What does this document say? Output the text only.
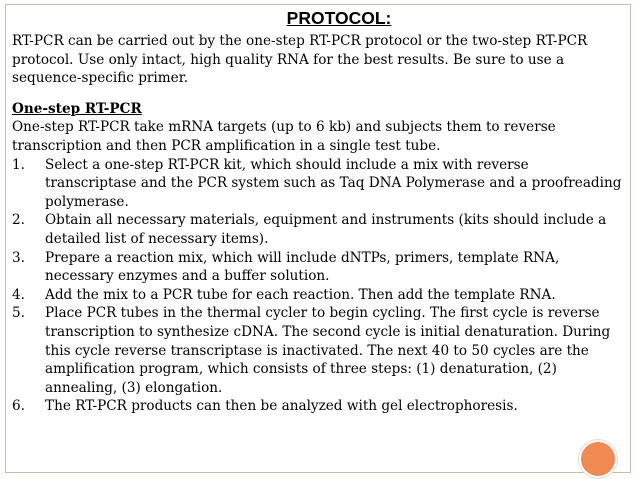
PROTOCOL:

RT-PCR can be carried out by the one-step RT-PCR protocol or the two-step RT-PCR protocol. Use only intact, high quality RNA for the best results. Be sure to use a sequence-specific primer.

One-step RT-PCR

One-step RT-PCR take mRNA targets (up to 6 kb) and subjects them to reverse transcription and then PCR amplification in a single test tube.

1.	Select a one-step RT-PCR kit, which should include a mix with reverse transcriptase and the PCR system such as Taq DNA Polymerase and a proofreading polymerase.
2.	Obtain all necessary materials, equipment and instruments (kits should include a detailed list of necessary items).
3.	Prepare a reaction mix, which will include dNTPs, primers, template RNA, necessary enzymes and a buffer solution.
4.	Add the mix to a PCR tube for each reaction. Then add the template RNA.
5.	Place PCR tubes in the thermal cycler to begin cycling. The first cycle is reverse transcription to synthesize cDNA. The second cycle is initial denaturation. During this cycle reverse transcriptase is inactivated. The next 40 to 50 cycles are the amplification program, which consists of three steps: (1) denaturation, (2) annealing, (3) elongation.
6.	The RT-PCR products can then be analyzed with gel electrophoresis.
